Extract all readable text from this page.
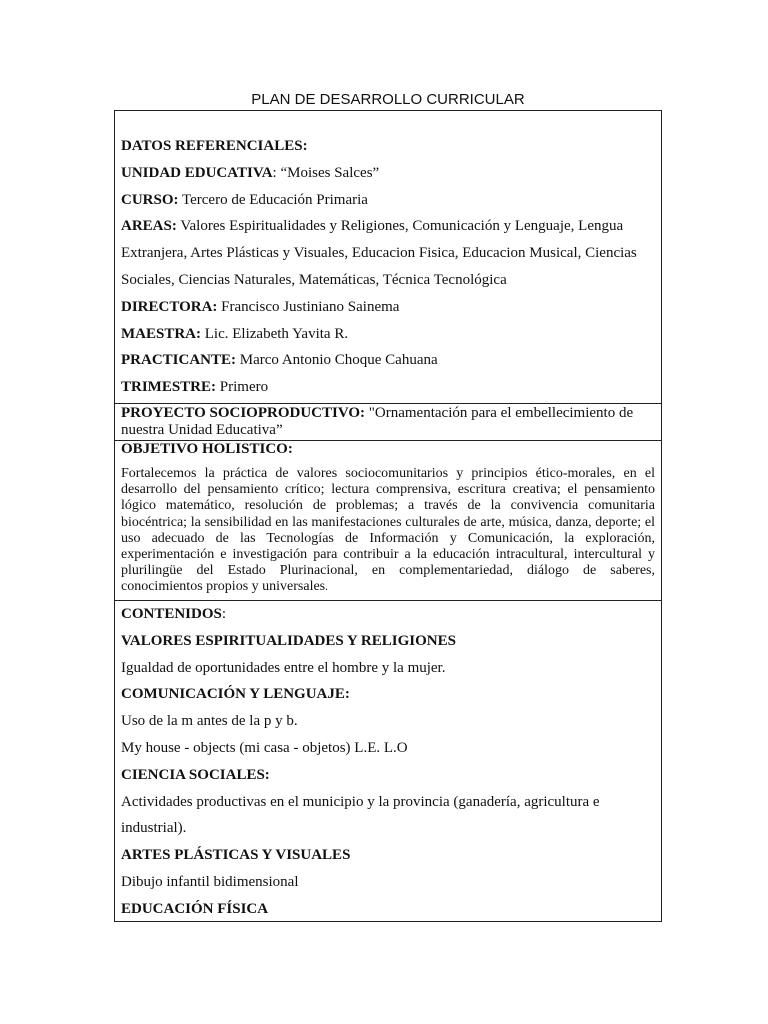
PLAN DE DESARROLLO CURRICULAR
DATOS REFERENCIALES:
UNIDAD EDUCATIVA: “Moises Salces”
CURSO: Tercero de Educación Primaria
AREAS: Valores Espiritualidades y Religiones, Comunicación y Lenguaje, Lengua Extranjera, Artes Plásticas y Visuales, Educacion Fisica, Educacion Musical, Ciencias Sociales, Ciencias Naturales, Matemáticas, Técnica Tecnológica
DIRECTORA: Francisco Justiniano Sainema
MAESTRA: Lic. Elizabeth Yavita R.
PRACTICANTE: Marco Antonio Choque Cahuana
TRIMESTRE: Primero
PROYECTO SOCIOPRODUCTIVO: "Ornamentación para el embellecimiento de nuestra Unidad Educativa”
OBJETIVO HOLISTICO:
Fortalecemos la práctica de valores sociocomunitarios y principios ético-morales, en el desarrollo del pensamiento crítico; lectura comprensiva, escritura creativa; el pensamiento lógico matemático, resolución de problemas; a través de la convivencia comunitaria biocéntrica; la sensibilidad en las manifestaciones culturales de arte, música, danza, deporte; el uso adecuado de las Tecnologías de Información y Comunicación, la exploración, experimentación e investigación para contribuir a la educación intracultural, intercultural y plurilingüe del Estado Plurinacional, en complementariedad, diálogo de saberes, conocimientos propios y universales.
CONTENIDOS:
VALORES ESPIRITUALIDADES Y RELIGIONES
Igualdad de oportunidades entre el hombre y la mujer.
COMUNICACIÓN Y LENGUAJE:
Uso de la m antes de la p y b.
My house - objects (mi casa - objetos) L.E. L.O
CIENCIA SOCIALES:
Actividades productivas en el municipio y la provincia (ganadería, agricultura e industrial).
ARTES PLÁSTICAS Y VISUALES
Dibujo infantil bidimensional
EDUCACIÓN FÍSICA
